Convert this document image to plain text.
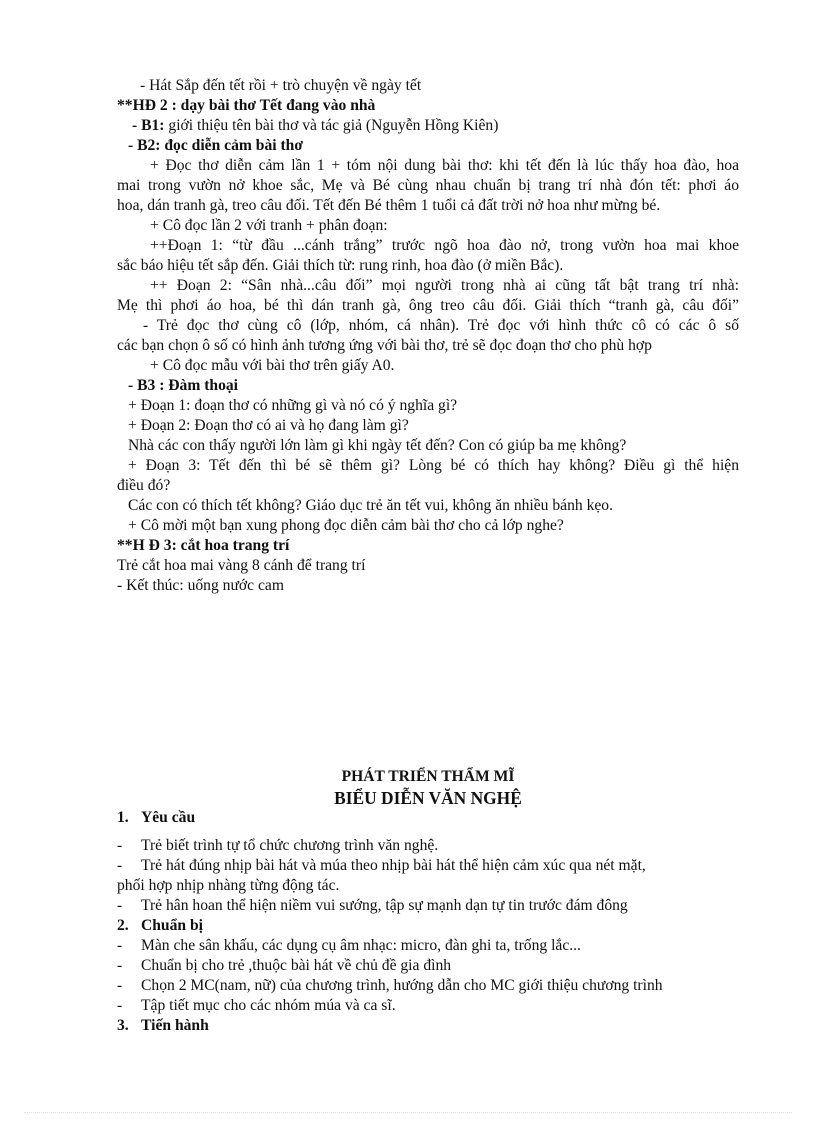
- Hát Sắp đến tết rồi + trò chuyện về ngày tết
**HĐ 2 : dạy bài thơ Tết đang vào nhà
- B1: giới thiệu tên bài thơ và tác giả (Nguyễn Hồng Kiên)
- B2: đọc diễn cảm bài thơ
+ Đọc thơ diễn cảm lần 1 + tóm nội dung bài thơ: khi tết đến là lúc thấy hoa đào, hoa
mai trong vườn nở khoe sắc, Mẹ và Bé cùng nhau chuẩn bị trang trí nhà đón tết: phơi áo
hoa, dán tranh gà, treo câu đối. Tết đến Bé thêm 1 tuổi cả đất trời nở hoa như mừng bé.
+ Cô đọc lần 2 với tranh + phân đoạn:
++Đoạn 1: “từ đầu ...cánh trắng” trước ngõ hoa đào nở, trong vườn hoa mai khoe
sắc báo hiệu tết sắp đến. Giải thích từ: rung rinh, hoa đào (ở miền Bắc).
++ Đoạn 2: “Sân nhà...câu đối” mọi người trong nhà ai cũng tất bật trang trí nhà:
Mẹ thì phơi áo hoa, bé thì dán tranh gà, ông treo câu đối. Giải thích “tranh gà, câu đối”
- Trẻ đọc thơ cùng cô (lớp, nhóm, cá nhân). Trẻ đọc với hình thức cô có các ô số
các bạn chọn ô số có hình ảnh tương ứng với bài thơ, trẻ sẽ đọc đoạn thơ cho phù hợp
+ Cô đọc mẫu với bài thơ trên giấy A0.
- B3 : Đàm thoại
+ Đoạn 1: đoạn thơ có những gì và nó có ý nghĩa gì?
+ Đoạn 2: Đoạn thơ có ai và họ đang làm gì?
Nhà các con thấy người lớn làm gì khi ngày tết đến? Con có giúp ba mẹ không?
+ Đoạn 3: Tết đến thì bé sẽ thêm gì? Lòng bé có thích hay không? Điều gì thể hiện
điều đó?
Các con có thích tết không? Giáo dục trẻ ăn tết vui, không ăn nhiều bánh kẹo.
+ Cô mời một bạn xung phong đọc diễn cảm bài thơ cho cả lớp nghe?
**H Đ 3: cắt hoa trang trí
Trẻ cắt hoa mai vàng 8 cánh để trang trí
- Kết thúc: uống nước cam
PHÁT TRIỂN THẨM MĨ
BIỂU DIỄN VĂN NGHỆ
1. Yêu cầu
- Trẻ biết trình tự tổ chức chương trình văn nghệ.
- Trẻ hát đúng nhịp bài hát và múa theo nhịp bài hát thể hiện cảm xúc qua nét mặt,
phối hợp nhịp nhàng từng động tác.
- Trẻ hân hoan thể hiện niềm vui sướng, tập sự mạnh dạn tự tin trước đám đông
2. Chuẩn bị
- Màn che sân khấu, các dụng cụ âm nhạc: micro, đàn ghi ta, trống lắc...
- Chuẩn bị cho trẻ ,thuộc bài hát về chủ đề gia đình
- Chọn 2 MC(nam, nữ) của chương trình, hướng dẫn cho MC giới thiệu chương trình
- Tập tiết mục cho các nhóm múa và ca sĩ.
3. Tiến hành
